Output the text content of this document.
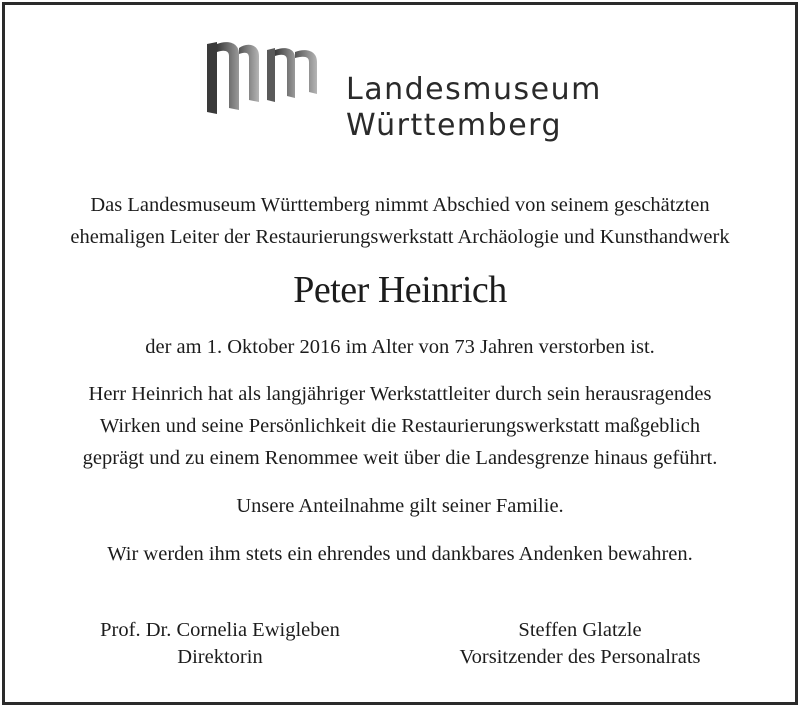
Landesmuseum
Württemberg
Das Landesmuseum Württemberg nimmt Abschied von seinem geschätzten
ehemaligen Leiter der Restaurierungswerkstatt Archäologie und Kunsthandwerk
Peter Heinrich
der am 1. Oktober 2016 im Alter von 73 Jahren verstorben ist.
Herr Heinrich hat als langjähriger Werkstattleiter durch sein herausragendes
Wirken und seine Persönlichkeit die Restaurierungswerkstatt maßgeblich
geprägt und zu einem Renommee weit über die Landesgrenze hinaus geführt.
Unsere Anteilnahme gilt seiner Familie.
Wir werden ihm stets ein ehrendes und dankbares Andenken bewahren.
Prof. Dr. Cornelia Ewigleben
Direktorin
Steffen Glatzle
Vorsitzender des Personalrats
